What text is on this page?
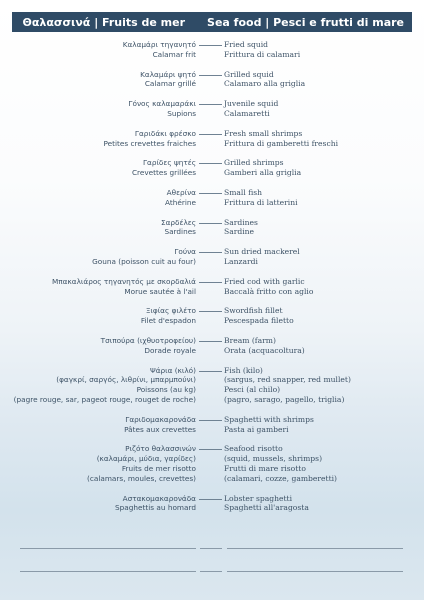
Θαλασσινά | Fruits de mer	Sea food | Pesci e frutti di mare
Καλαμάρι τηγανητό
Calamar frit
Fried squid
Frittura di calamari
Καλαμάρι ψητό
Calamar grillé
Grilled squid
Calamaro alla griglia
Γόνος καλαμαράκι
Supions
Juvenile squid
Calamaretti
Γαριδάκι φρέσκο
Petites crevettes fraiches
Fresh small shrimps
Frittura di gamberetti freschi
Γαρίδες ψητές
Crevettes grillées
Grilled shrimps
Gamberi alla griglia
Αθερίνα
Athérine
Small fish
Frittura di latterini
Σαρδέλες
Sardines
Sardines
Sardine
Γούνα
Gouna (poisson cuit au four)
Sun dried mackerel
Lanzardi
Μπακαλιάρος τηγανητός με σκορδαλιά
Morue sautée à l'ail
Fried cod with garlic
Baccalà fritto con aglio
Ξιφίας φιλέτο
Filet d'espadon
Swordfish fillet
Pescespada filetto
Τσιπούρα (ιχθυοτροφείου)
Dorade royale
Bream (farm)
Orata (acquacoltura)
Ψάρια (κιλό)
(φαγκρί, σαργός, λιθρίνι, μπαρμπούνι)
Poissons (au kg)
(pagre rouge, sar, pageot rouge, rouget de roche)
Fish (kilo)
(sargus, red snapper, red mullet)
Pesci (al chilo)
(pagro, sarago, pagello, triglia)
Γαριδομακαρονάδα
Pâtes aux crevettes
Spaghetti with shrimps
Pasta ai gamberi
Ριζότο θαλασσινών
(καλαμάρι, μύδια, γαρίδες)
Fruits de mer risotto
(calamars, moules, crevettes)
Seafood risotto
(squid, mussels, shrimps)
Frutti di mare risotto
(calamari, cozze, gamberetti)
Αστακομακαρονάδα
Spaghettis au homard
Lobster spaghetti
Spaghetti all'aragosta
